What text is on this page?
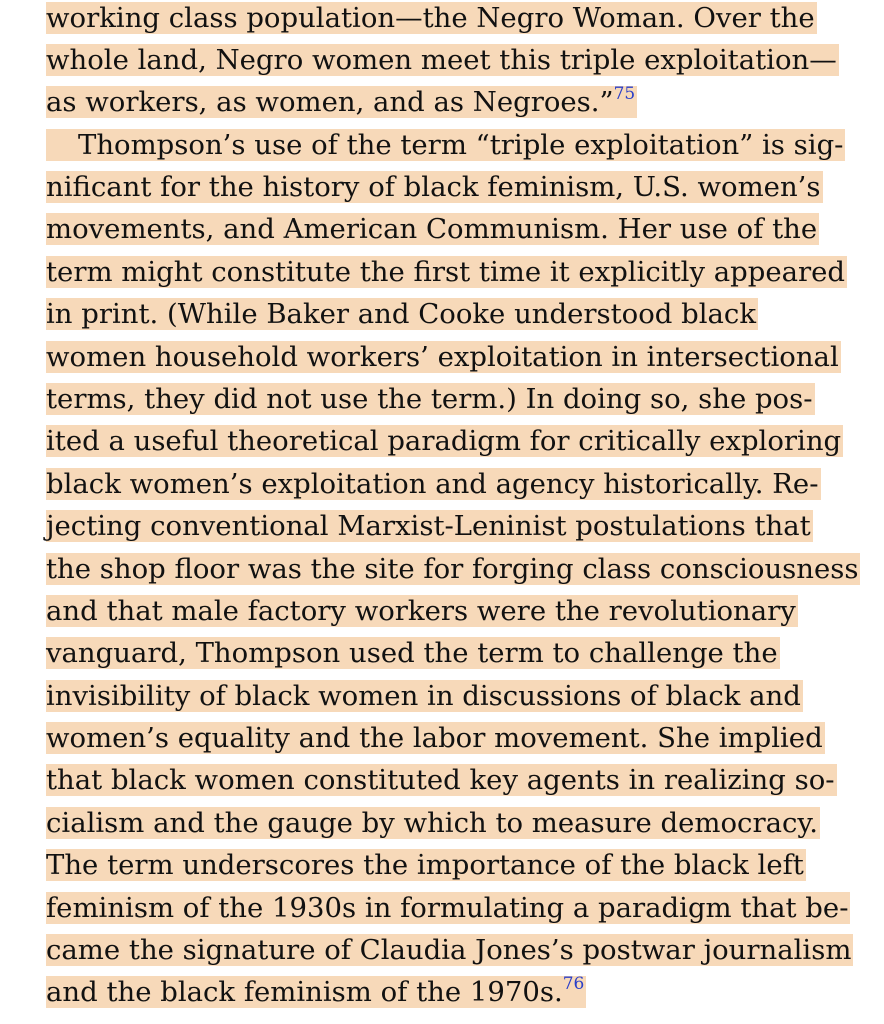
working class population—the Negro Woman. Over the
whole land, Negro women meet this triple exploitation—
as workers, as women, and as Negroes.”$^{75}$
Thompson’s use of the term “triple exploitation” is sig-
nificant for the history of black feminism, U.S. women’s
movements, and American Communism. Her use of the
term might constitute the first time it explicitly appeared
in print. (While Baker and Cooke understood black
women household workers’ exploitation in intersectional
terms, they did not use the term.) In doing so, she pos-
ited a useful theoretical paradigm for critically exploring
black women’s exploitation and agency historically. Re-
jecting conventional Marxist-Leninist postulations that
the shop floor was the site for forging class consciousness
and that male factory workers were the revolutionary
vanguard, Thompson used the term to challenge the
invisibility of black women in discussions of black and
women’s equality and the labor movement. She implied
that black women constituted key agents in realizing so-
cialism and the gauge by which to measure democracy.
The term underscores the importance of the black left
feminism of the 1930s in formulating a paradigm that be-
came the signature of Claudia Jones’s postwar journalism
and the black feminism of the 1970s.$^{76}$
